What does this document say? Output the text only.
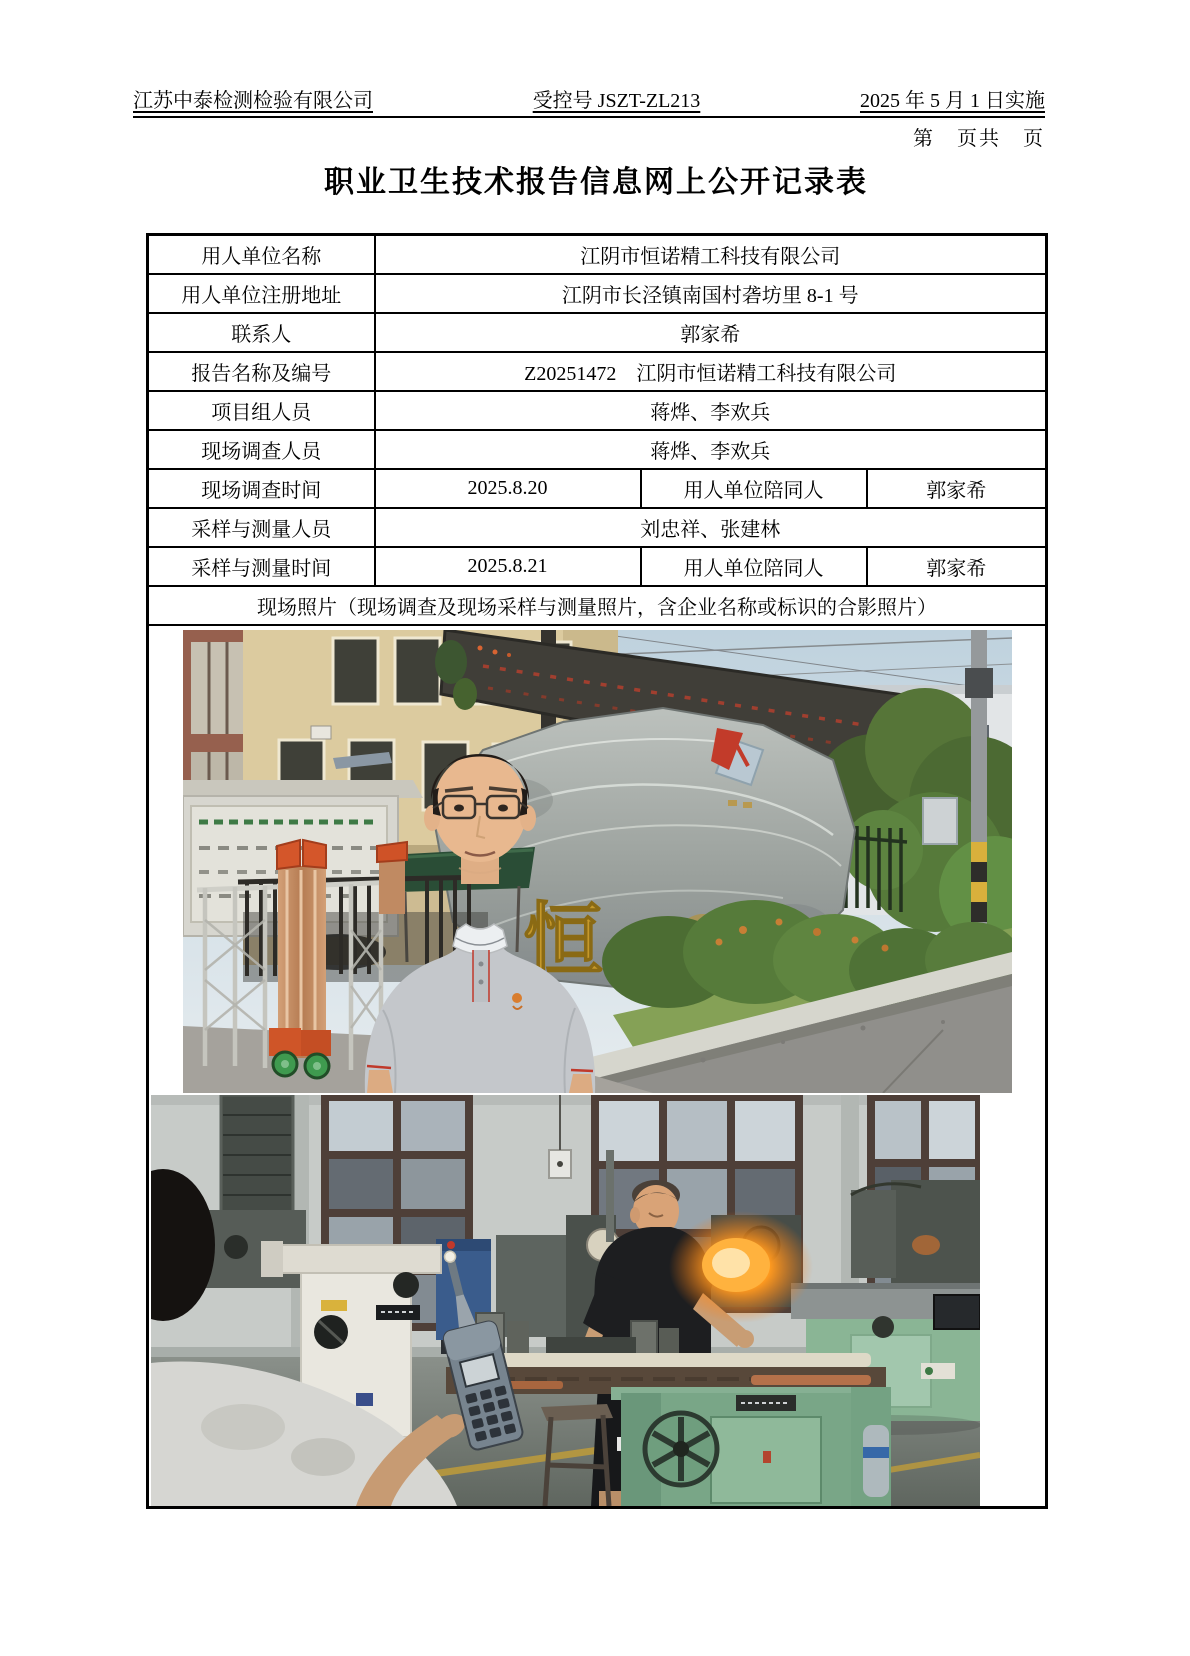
江苏中泰检测检验有限公司	受控号 JSZT-ZL213	2025 年 5 月 1 日实施
第　页共　页
职业卫生技术报告信息网上公开记录表
用人单位名称	江阴市恒诺精工科技有限公司		
用人单位注册地址	江阴市长泾镇南国村砻坊里 8-1 号		
联系人	郭家希		
报告名称及编号	Z20251472　江阴市恒诺精工科技有限公司		
项目组人员	蒋烨、李欢兵		
现场调查人员	蒋烨、李欢兵		
现场调查时间	2025.8.20	用人单位陪同人	郭家希
采样与测量人员	刘忠祥、张建林		
采样与测量时间	2025.8.21	用人单位陪同人	郭家希
现场照片（现场调查及现场采样与测量照片，含企业名称或标识的合影照片）			

恒			
